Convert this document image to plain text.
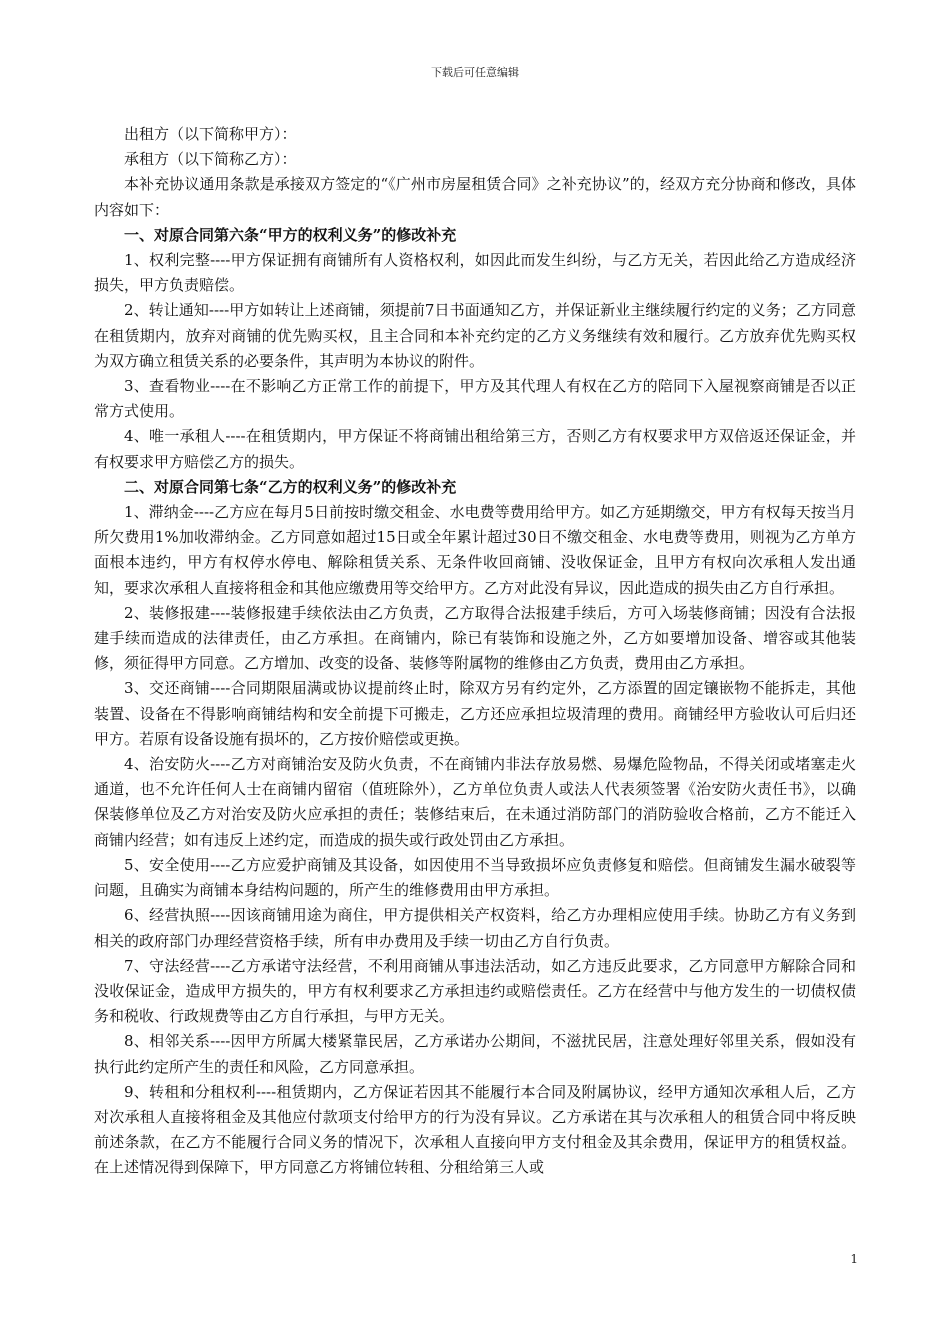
下载后可任意编辑

出租方（以下简称甲方）：

承租方（以下简称乙方）：

本补充协议通用条款是承接双方签定的“《广州市房屋租赁合同》之补充协议”的，经双方充分协商和修改，具体内容如下：

一、对原合同第六条“甲方的权利义务”的修改补充

1、权利完整----甲方保证拥有商铺所有人资格权利，如因此而发生纠纷，与乙方无关，若因此给乙方造成经济损失，甲方负责赔偿。

2、转让通知----甲方如转让上述商铺，须提前7日书面通知乙方，并保证新业主继续履行约定的义务；乙方同意在租赁期内，放弃对商铺的优先购买权，且主合同和本补充约定的乙方义务继续有效和履行。乙方放弃优先购买权为双方确立租赁关系的必要条件，其声明为本协议的附件。

3、查看物业----在不影响乙方正常工作的前提下，甲方及其代理人有权在乙方的陪同下入屋视察商铺是否以正常方式使用。

4、唯一承租人----在租赁期内，甲方保证不将商铺出租给第三方，否则乙方有权要求甲方双倍返还保证金，并有权要求甲方赔偿乙方的损失。

二、对原合同第七条“乙方的权利义务”的修改补充

1、滞纳金----乙方应在每月5日前按时缴交租金、水电费等费用给甲方。如乙方延期缴交，甲方有权每天按当月所欠费用1%加收滞纳金。乙方同意如超过15日或全年累计超过30日不缴交租金、水电费等费用，则视为乙方单方面根本违约，甲方有权停水停电、解除租赁关系、无条件收回商铺、没收保证金，且甲方有权向次承租人发出通知，要求次承租人直接将租金和其他应缴费用等交给甲方。乙方对此没有异议，因此造成的损失由乙方自行承担。

2、装修报建----装修报建手续依法由乙方负责，乙方取得合法报建手续后，方可入场装修商铺；因没有合法报建手续而造成的法律责任，由乙方承担。在商铺内，除已有装饰和设施之外，乙方如要增加设备、增容或其他装修，须征得甲方同意。乙方增加、改变的设备、装修等附属物的维修由乙方负责，费用由乙方承担。

3、交还商铺----合同期限届满或协议提前终止时，除双方另有约定外，乙方添置的固定镶嵌物不能拆走，其他装置、设备在不得影响商铺结构和安全前提下可搬走，乙方还应承担垃圾清理的费用。商铺经甲方验收认可后归还甲方。若原有设备设施有损坏的，乙方按价赔偿或更换。

4、治安防火----乙方对商铺治安及防火负责，不在商铺内非法存放易燃、易爆危险物品，不得关闭或堵塞走火通道，也不允许任何人士在商铺内留宿（值班除外），乙方单位负责人或法人代表须签署《治安防火责任书》，以确保装修单位及乙方对治安及防火应承担的责任；装修结束后，在未通过消防部门的消防验收合格前，乙方不能迁入商铺内经营；如有违反上述约定，而造成的损失或行政处罚由乙方承担。

5、安全使用----乙方应爱护商铺及其设备，如因使用不当导致损坏应负责修复和赔偿。但商铺发生漏水破裂等问题，且确实为商铺本身结构问题的，所产生的维修费用由甲方承担。

6、经营执照----因该商铺用途为商住，甲方提供相关产权资料，给乙方办理相应使用手续。协助乙方有义务到相关的政府部门办理经营资格手续，所有申办费用及手续一切由乙方自行负责。

7、守法经营----乙方承诺守法经营，不利用商铺从事违法活动，如乙方违反此要求，乙方同意甲方解除合同和没收保证金，造成甲方损失的，甲方有权利要求乙方承担违约或赔偿责任。乙方在经营中与他方发生的一切债权债务和税收、行政规费等由乙方自行承担，与甲方无关。

8、相邻关系----因甲方所属大楼紧靠民居，乙方承诺办公期间，不滋扰民居，注意处理好邻里关系，假如没有执行此约定所产生的责任和风险，乙方同意承担。

9、转租和分租权利----租赁期内，乙方保证若因其不能履行本合同及附属协议，经甲方通知次承租人后，乙方对次承租人直接将租金及其他应付款项支付给甲方的行为没有异议。乙方承诺在其与次承租人的租赁合同中将反映前述条款，在乙方不能履行合同义务的情况下，次承租人直接向甲方支付租金及其余费用，保证甲方的租赁权益。在上述情况得到保障下，甲方同意乙方将铺位转租、分租给第三人或

1
